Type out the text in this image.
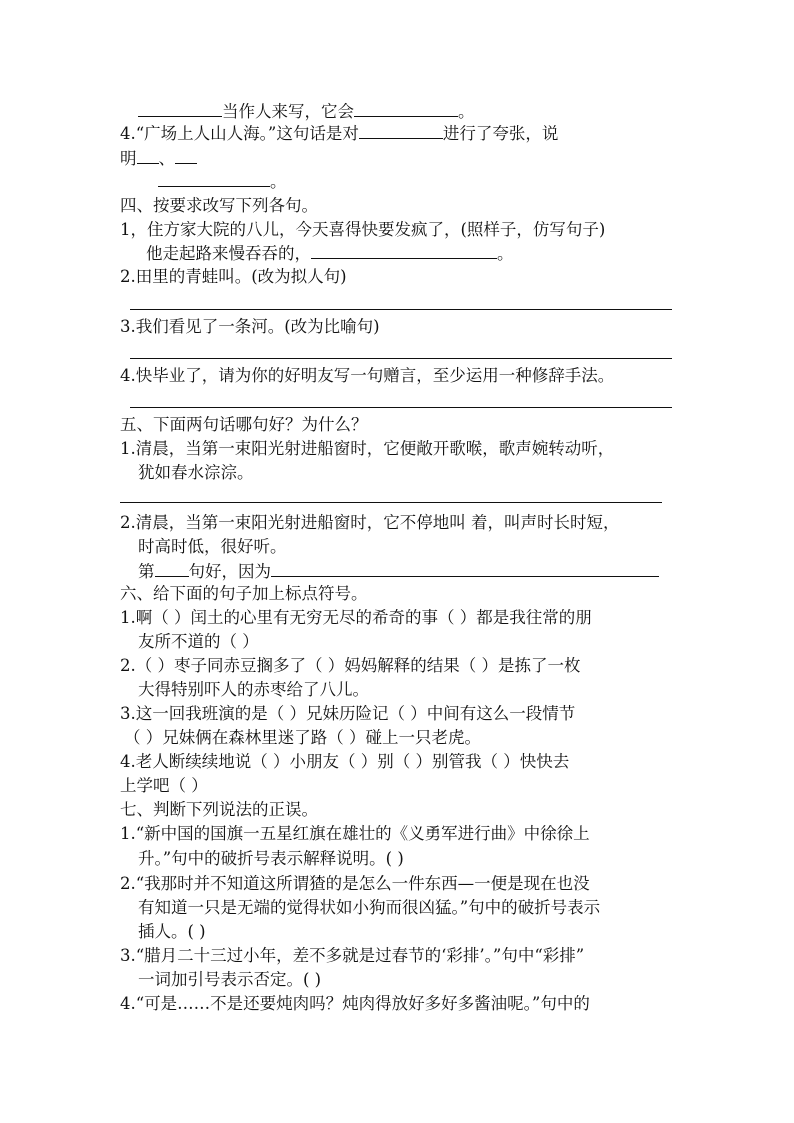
当作人来写，它会	。
4.“广场上人山人海。”这句话是对	进行了夸张，说
明 、
。
四、按要求改写下列各句。
1，住方家大院的八儿，今天喜得快要发疯了，(照样子，仿写句子)
他走起路来慢吞吞的，	。
2.田里的青蛙叫。(改为拟人句)
3.我们看见了一条河。(改为比喻句)
4.快毕业了，请为你的好明友写一句赠言，至少运用一种修辞手法。
五、下面两句话哪句好？为什么？
1.清晨，当第一束阳光射进船窗时，它便敞开歌喉，歌声婉转动听，
犹如春水淙淙。
2.清晨，当第一束阳光射进船窗时，它不停地叫 着，叫声时长时短，
时高时低，很好听。
第 句好，因为
六、给下面的句子加上标点符号。
1.啊（ ）闰土的心里有无穷无尽的希奇的事（ ）都是我往常的朋
友所不道的（ ）
2.（ ）枣子同赤豆搁多了（ ）妈妈解释的结果（ ）是拣了一枚
大得特别吓人的赤枣给了八儿。
3.这一回我班演的是（ ）兄妹历险记（ ）中间有这么一段情节
（ ）兄妹俩在森林里迷了路（ ）碰上一只老虎。
4.老人断续续地说（ ）小朋友（ ）别（ ）别管我（ ）快快去
上学吧（ ）
七、判断下列说法的正误。
1.“新中国的国旗一五星红旗在雄壮的《义勇军进行曲》中徐徐上
升。”句中的破折号表示解释说明。( )
2.“我那时并不知道这所谓猹的是怎么一件东西—一便是现在也没
有知道一只是无端的觉得状如小狗而很凶猛。”句中的破折号表示
插人。( )
3.“腊月二十三过小年，差不多就是过春节的‘彩排’。”句中“彩排”
一词加引号表示否定。( )
4.“可是……不是还要炖肉吗？炖肉得放好多好多酱油呢。”句中的
